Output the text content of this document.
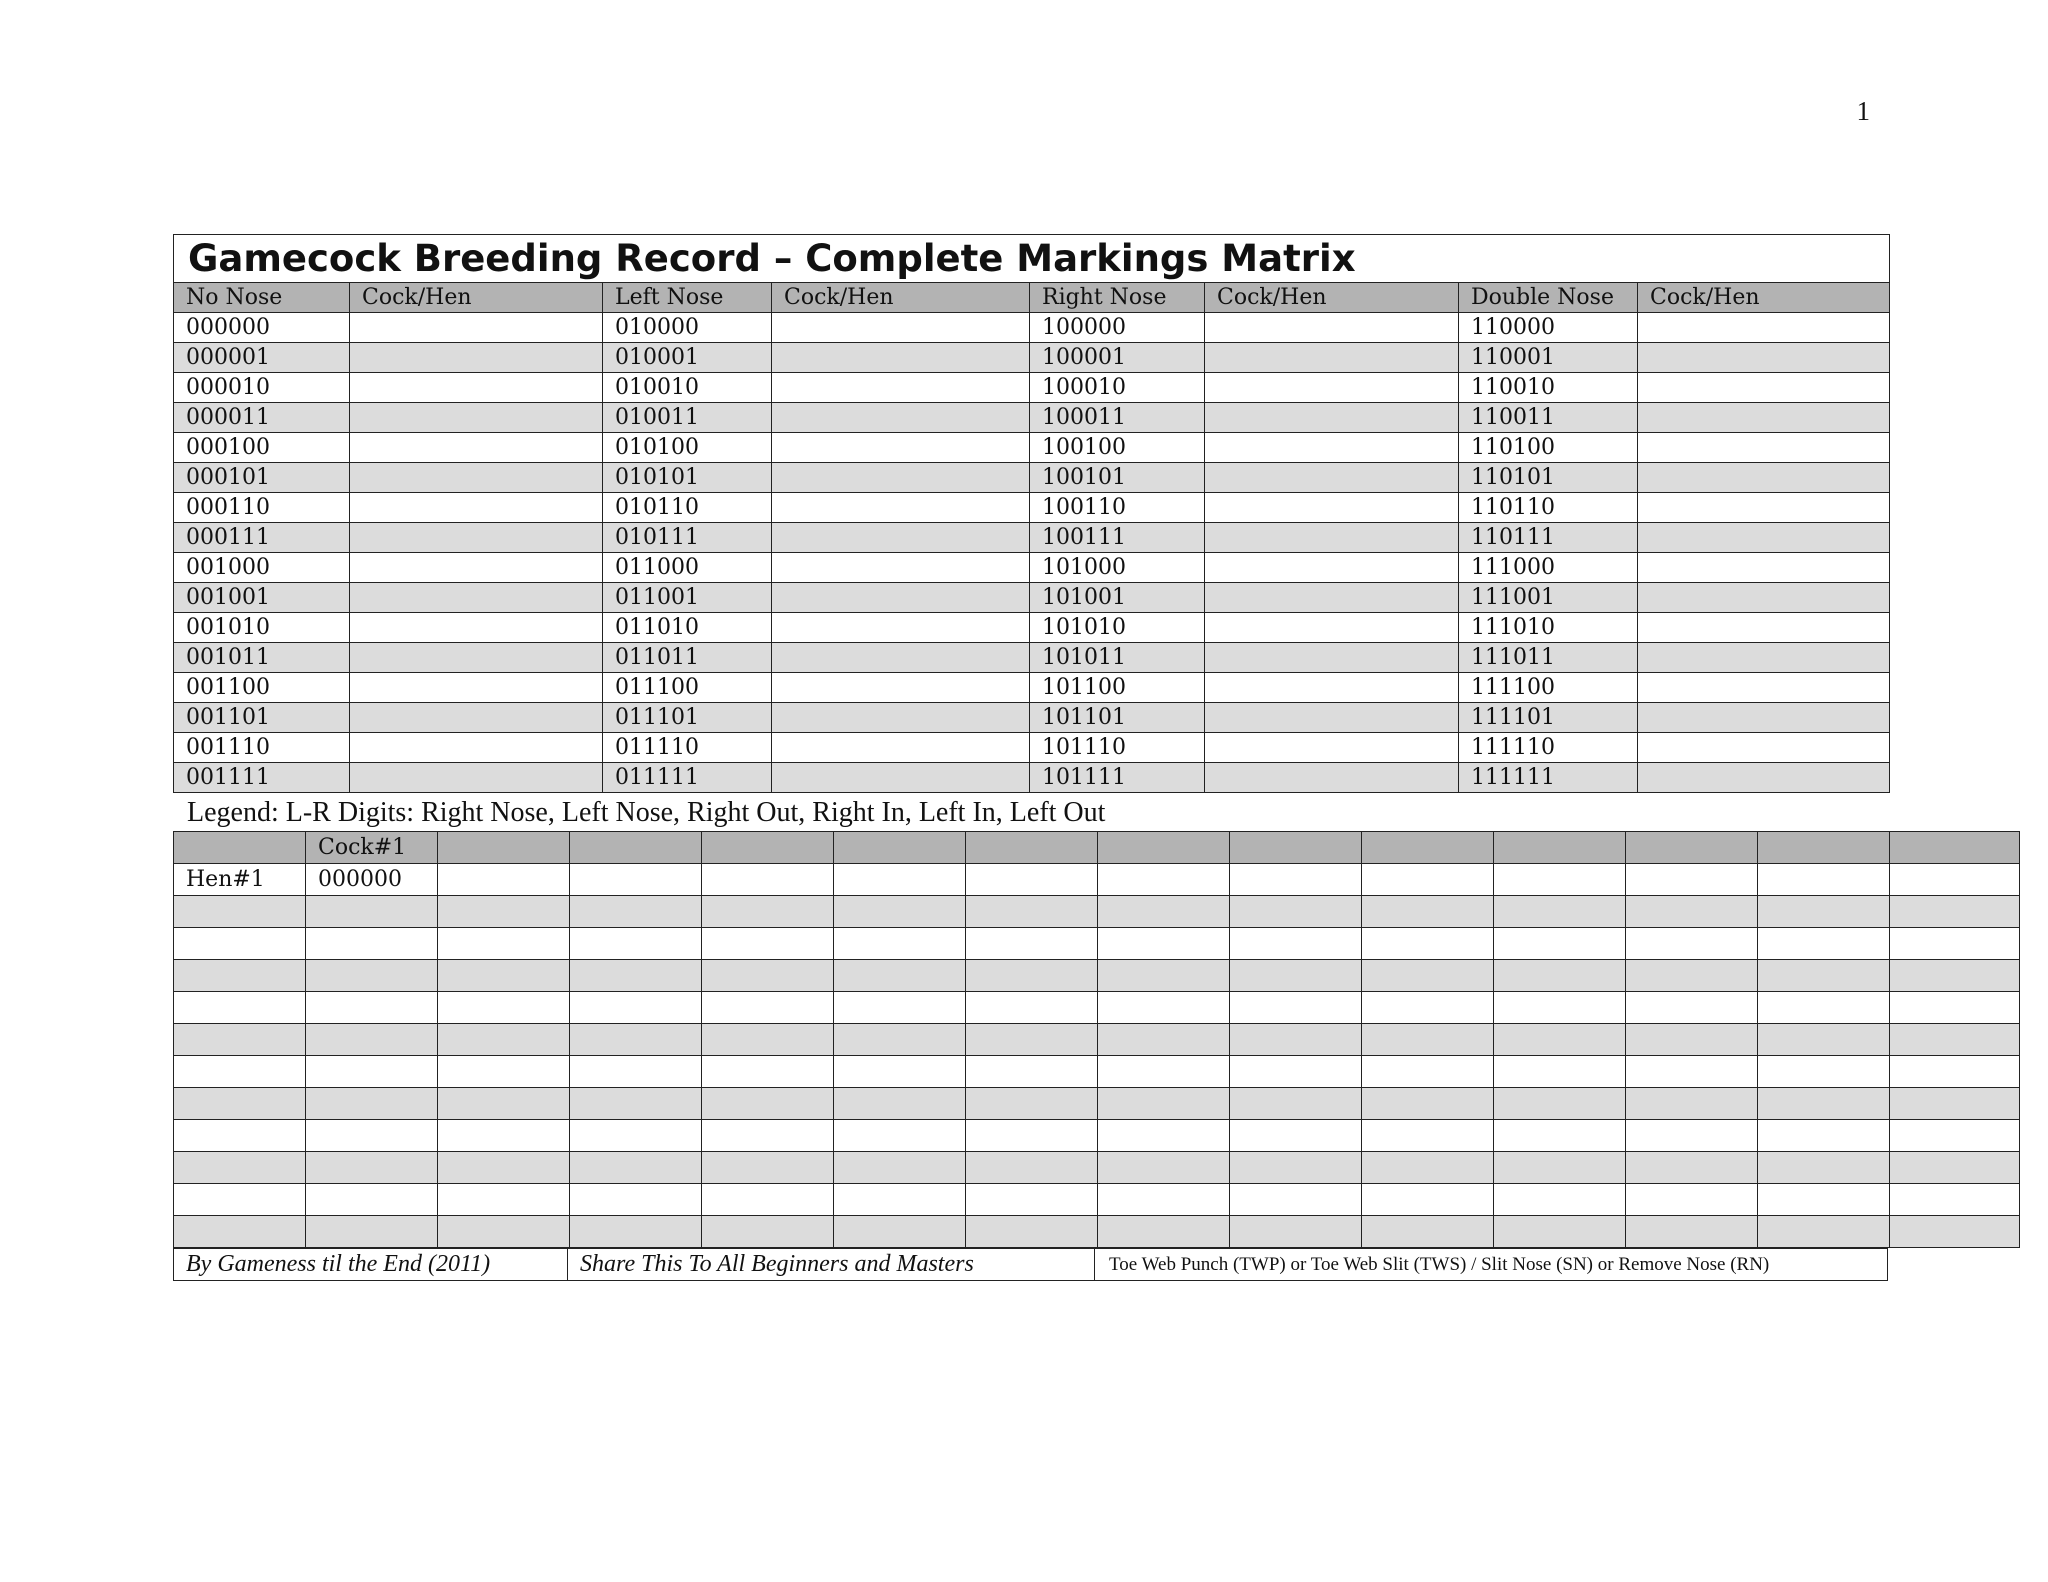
1
Gamecock Breeding Record – Complete Markings Matrix							
No Nose	Cock/Hen	Left Nose	Cock/Hen	Right Nose	Cock/Hen	Double Nose	Cock/Hen
000000		010000		100000		110000	
000001		010001		100001		110001	
000010		010010		100010		110010	
000011		010011		100011		110011	
000100		010100		100100		110100	
000101		010101		100101		110101	
000110		010110		100110		110110	
000111		010111		100111		110111	
001000		011000		101000		111000	
001001		011001		101001		111001	
001010		011010		101010		111010	
001011		011011		101011		111011	
001100		011100		101100		111100	
001101		011101		101101		111101	
001110		011110		101110		111110	
001111		011111		101111		111111	
Legend: L-R Digits: Right Nose, Left Nose, Right Out, Right In, Left In, Left Out
	Cock#1												
Hen#1	000000												

By Gameness til the End (2011)	Share This To All Beginners and Masters	Toe Web Punch (TWP) or Toe Web Slit (TWS) / Slit Nose (SN) or Remove Nose (RN)
